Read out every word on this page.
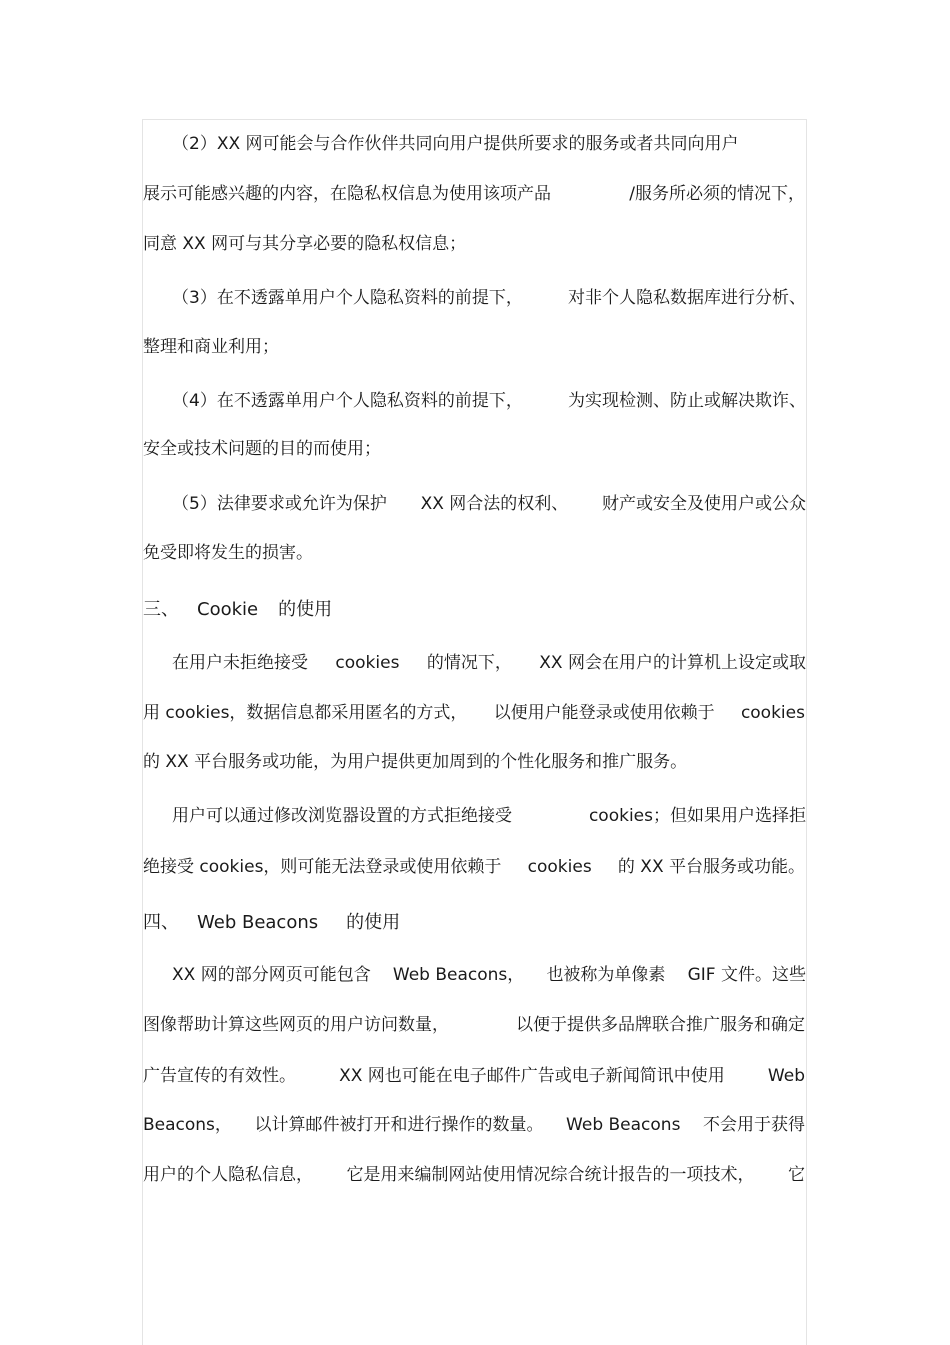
（2）XX 网可能会与合作伙伴共同向用户提供所要求的服务或者共同向用户
展示可能感兴趣的内容，在隐私权信息为使用该项产品	/服务所必须的情况下，
同意 XX 网可与其分享必要的隐私权信息；
（3）在不透露单用户个人隐私资料的前提下，	对非个人隐私数据库进行分析、
整理和商业利用；
（4）在不透露单用户个人隐私资料的前提下，	为实现检测、防止或解决欺诈、
安全或技术问题的目的而使用；
（5）法律要求或允许为保护 XX 网合法的权利、 财产或安全及使用户或公众
免受即将发生的损害。
三、	Cookie 的使用
在用户未拒绝接受 cookies 的情况下， XX 网会在用户的计算机上设定或取
用 cookies，数据信息都采用匿名的方式， 以便用户能登录或使用依赖于 cookies
的 XX 平台服务或功能，为用户提供更加周到的个性化服务和推广服务。
用户可以通过修改浏览器设置的方式拒绝接受	cookies；但如果用户选择拒
绝接受 cookies，则可能无法登录或使用依赖于 cookies 的 XX 平台服务或功能。
四、	Web Beacons 的使用
XX 网的部分网页可能包含 Web Beacons， 也被称为单像素 GIF 文件。这些
图像帮助计算这些网页的用户访问数量，	以便于提供多品牌联合推广服务和确定
广告宣传的有效性。	XX 网也可能在电子邮件广告或电子新闻简讯中使用	Web
Beacons， 以计算邮件被打开和进行操作的数量。 Web Beacons 不会用于获得
用户的个人隐私信息， 它是用来编制网站使用情况综合统计报告的一项技术， 它
